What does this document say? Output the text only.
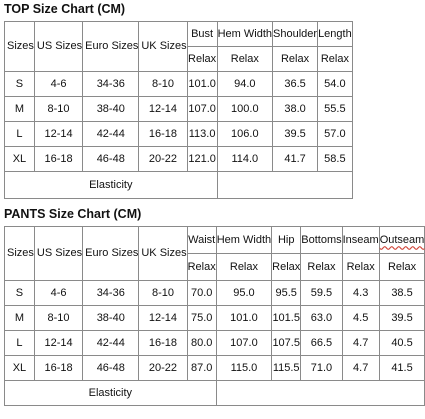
TOP Size Chart (CM)
Sizes	US Sizes	Euro Sizes	UK Sizes	Bust	Hem Width	Shoulder	Length
				Relax	Relax	Relax	Relax
S	4-6	34-36	8-10	101.0	94.0	36.5	54.0
M	8-10	38-40	12-14	107.0	100.0	38.0	55.5
L	12-14	42-44	16-18	113.0	106.0	39.5	57.0
XL	16-18	46-48	20-22	121.0	114.0	41.7	58.5
Elasticity							
PANTS Size Chart (CM)
Sizes	US Sizes	Euro Sizes	UK Sizes	Waist	Hem Width	Hip	Bottoms	Inseam	Outseam
				Relax	Relax	Relax	Relax	Relax	Relax
S	4-6	34-36	8-10	70.0	95.0	95.5	59.5	4.3	38.5
M	8-10	38-40	12-14	75.0	101.0	101.5	63.0	4.5	39.5
L	12-14	42-44	16-18	80.0	107.0	107.5	66.5	4.7	40.5
XL	16-18	46-48	20-22	87.0	115.0	115.5	71.0	4.7	41.5
Elasticity									
